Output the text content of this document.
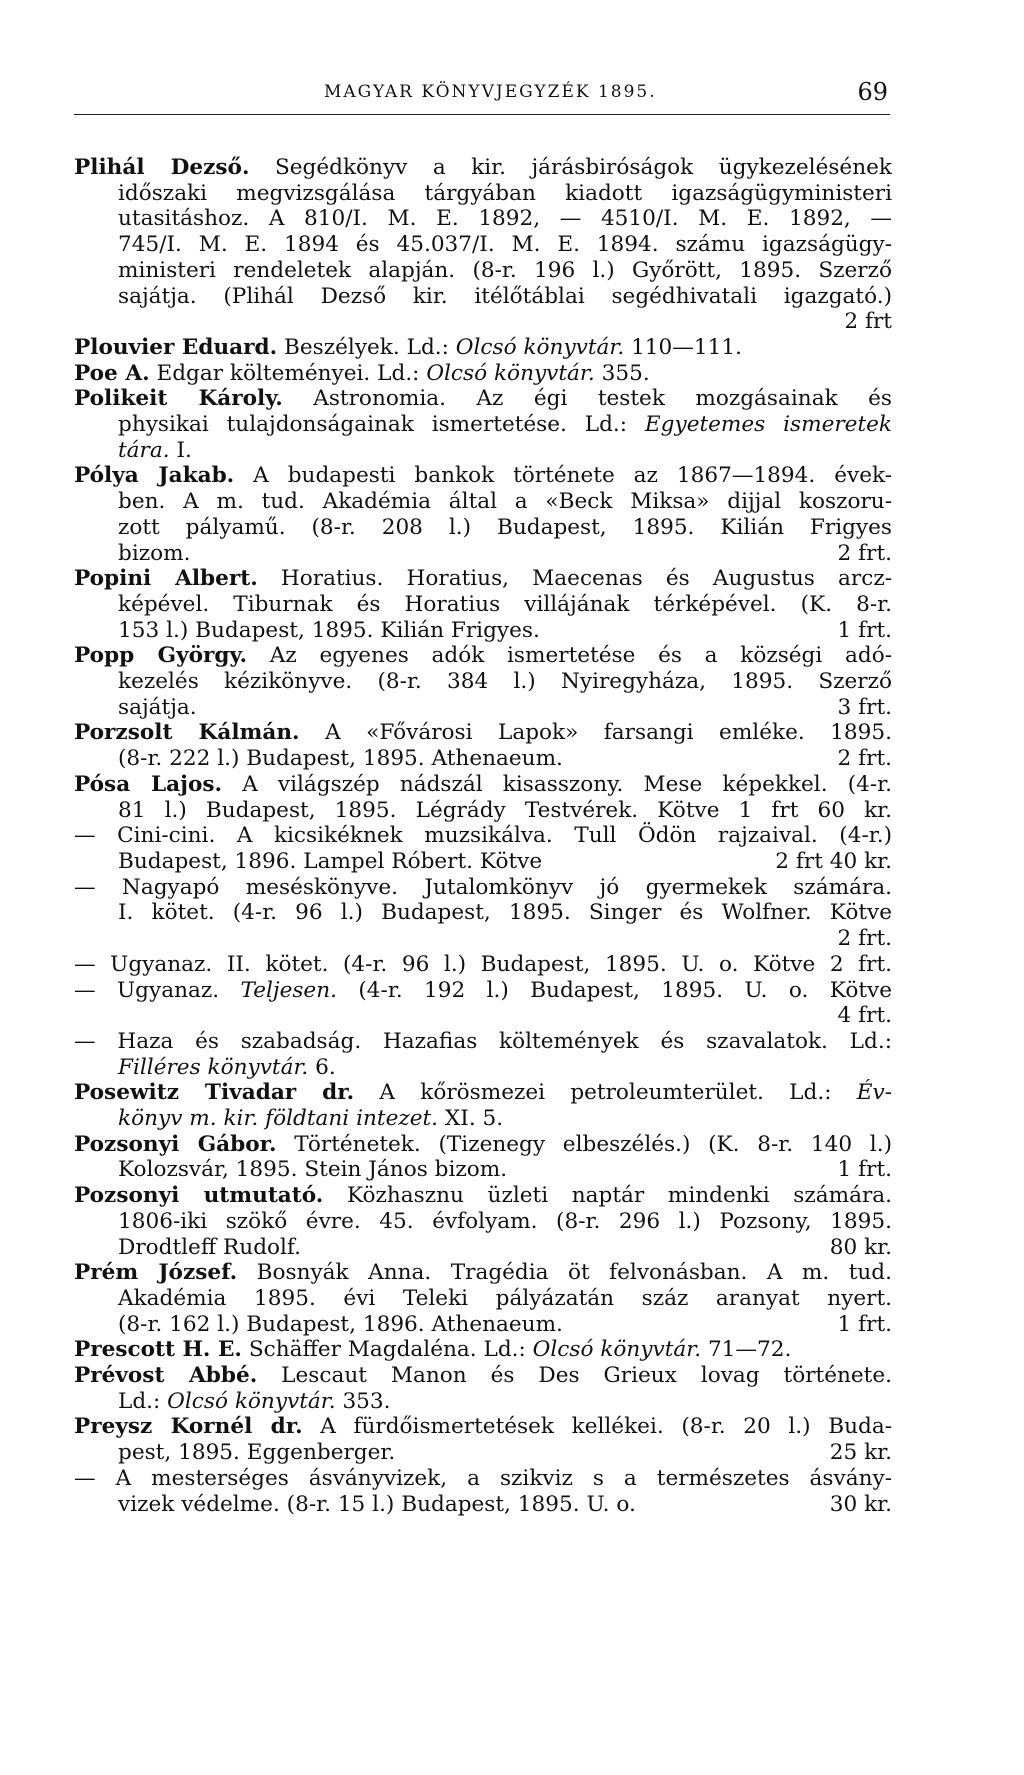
MAGYAR KÖNYVJEGYZÉK 1895.	69
Plihál Dezső. Segédkönyv a kir. járásbiróságok ügykezelésének
időszaki megvizsgálása tárgyában kiadott igazságügyministeri
utasitáshoz. A 810/I. M. E. 1892, — 4510/I. M. E. 1892, —
745/I. M. E. 1894 és 45.037/I. M. E. 1894. számu igazságügy-
ministeri rendeletek alapján. (8-r. 196 l.) Győrött, 1895. Szerző
sajátja. (Plihál Dezső kir. itélőtáblai segédhivatali igazgató.)
2 frt
Plouvier Eduard. Beszélyek. Ld.: Olcsó könyvtár. 110—111.
Poe A. Edgar költeményei. Ld.: Olcsó könyvtár. 355.
Polikeit Károly. Astronomia. Az égi testek mozgásainak és
physikai tulajdonságainak ismertetése. Ld.: Egyetemes ismeretek
tára. I.
Pólya Jakab. A budapesti bankok története az 1867—1894. évek-
ben. A m. tud. Akadémia által a «Beck Miksa» dijjal koszoru-
zott pályamű. (8-r. 208 l.) Budapest, 1895. Kilián Frigyes
bizom.	2 frt.
Popini Albert. Horatius. Horatius, Maecenas és Augustus arcz-
képével. Tiburnak és Horatius villájának térképével. (K. 8-r.
153 l.) Budapest, 1895. Kilián Frigyes.	1 frt.
Popp György. Az egyenes adók ismertetése és a községi adó-
kezelés kézikönyve. (8-r. 384 l.) Nyiregyháza, 1895. Szerző
sajátja.	3 frt.
Porzsolt Kálmán. A «Fővárosi Lapok» farsangi emléke. 1895.
(8-r. 222 l.) Budapest, 1895. Athenaeum.	2 frt.
Pósa Lajos. A világszép nádszál kisasszony. Mese képekkel. (4-r.
81 l.) Budapest, 1895. Légrády Testvérek. Kötve 1 frt 60 kr.
— Cini-cini. A kicsikéknek muzsikálva. Tull Ödön rajzaival. (4-r.)
Budapest, 1896. Lampel Róbert. Kötve	2 frt 40 kr.
— Nagyapó meséskönyve. Jutalomkönyv jó gyermekek számára.
I. kötet. (4-r. 96 l.) Budapest, 1895. Singer és Wolfner. Kötve
2 frt.
— Ugyanaz. II. kötet. (4-r. 96 l.) Budapest, 1895. U. o. Kötve 2 frt.
— Ugyanaz. Teljesen. (4-r. 192 l.) Budapest, 1895. U. o. Kötve
4 frt.
— Haza és szabadság. Hazafias költemények és szavalatok. Ld.:
Filléres könyvtár. 6.
Posewitz Tivadar dr. A kőrösmezei petroleumterület. Ld.: Év-
könyv m. kir. földtani intezet. XI. 5.
Pozsonyi Gábor. Történetek. (Tizenegy elbeszélés.) (K. 8-r. 140 l.)
Kolozsvár, 1895. Stein János bizom.	1 frt.
Pozsonyi utmutató. Közhasznu üzleti naptár mindenki számára.
1806-iki szökő évre. 45. évfolyam. (8-r. 296 l.) Pozsony, 1895.
Drodtleff Rudolf.	80 kr.
Prém József. Bosnyák Anna. Tragédia öt felvonásban. A m. tud.
Akadémia 1895. évi Teleki pályázatán száz aranyat nyert.
(8-r. 162 l.) Budapest, 1896. Athenaeum.	1 frt.
Prescott H. E. Schäffer Magdaléna. Ld.: Olcsó könyvtár. 71—72.
Prévost Abbé. Lescaut Manon és Des Grieux lovag története.
Ld.: Olcsó könyvtár. 353.
Preysz Kornél dr. A fürdőismertetések kellékei. (8-r. 20 l.) Buda-
pest, 1895. Eggenberger.	25 kr.
— A mesterséges ásványvizek, a szikviz s a természetes ásvány-
vizek védelme. (8-r. 15 l.) Budapest, 1895. U. o.	30 kr.
